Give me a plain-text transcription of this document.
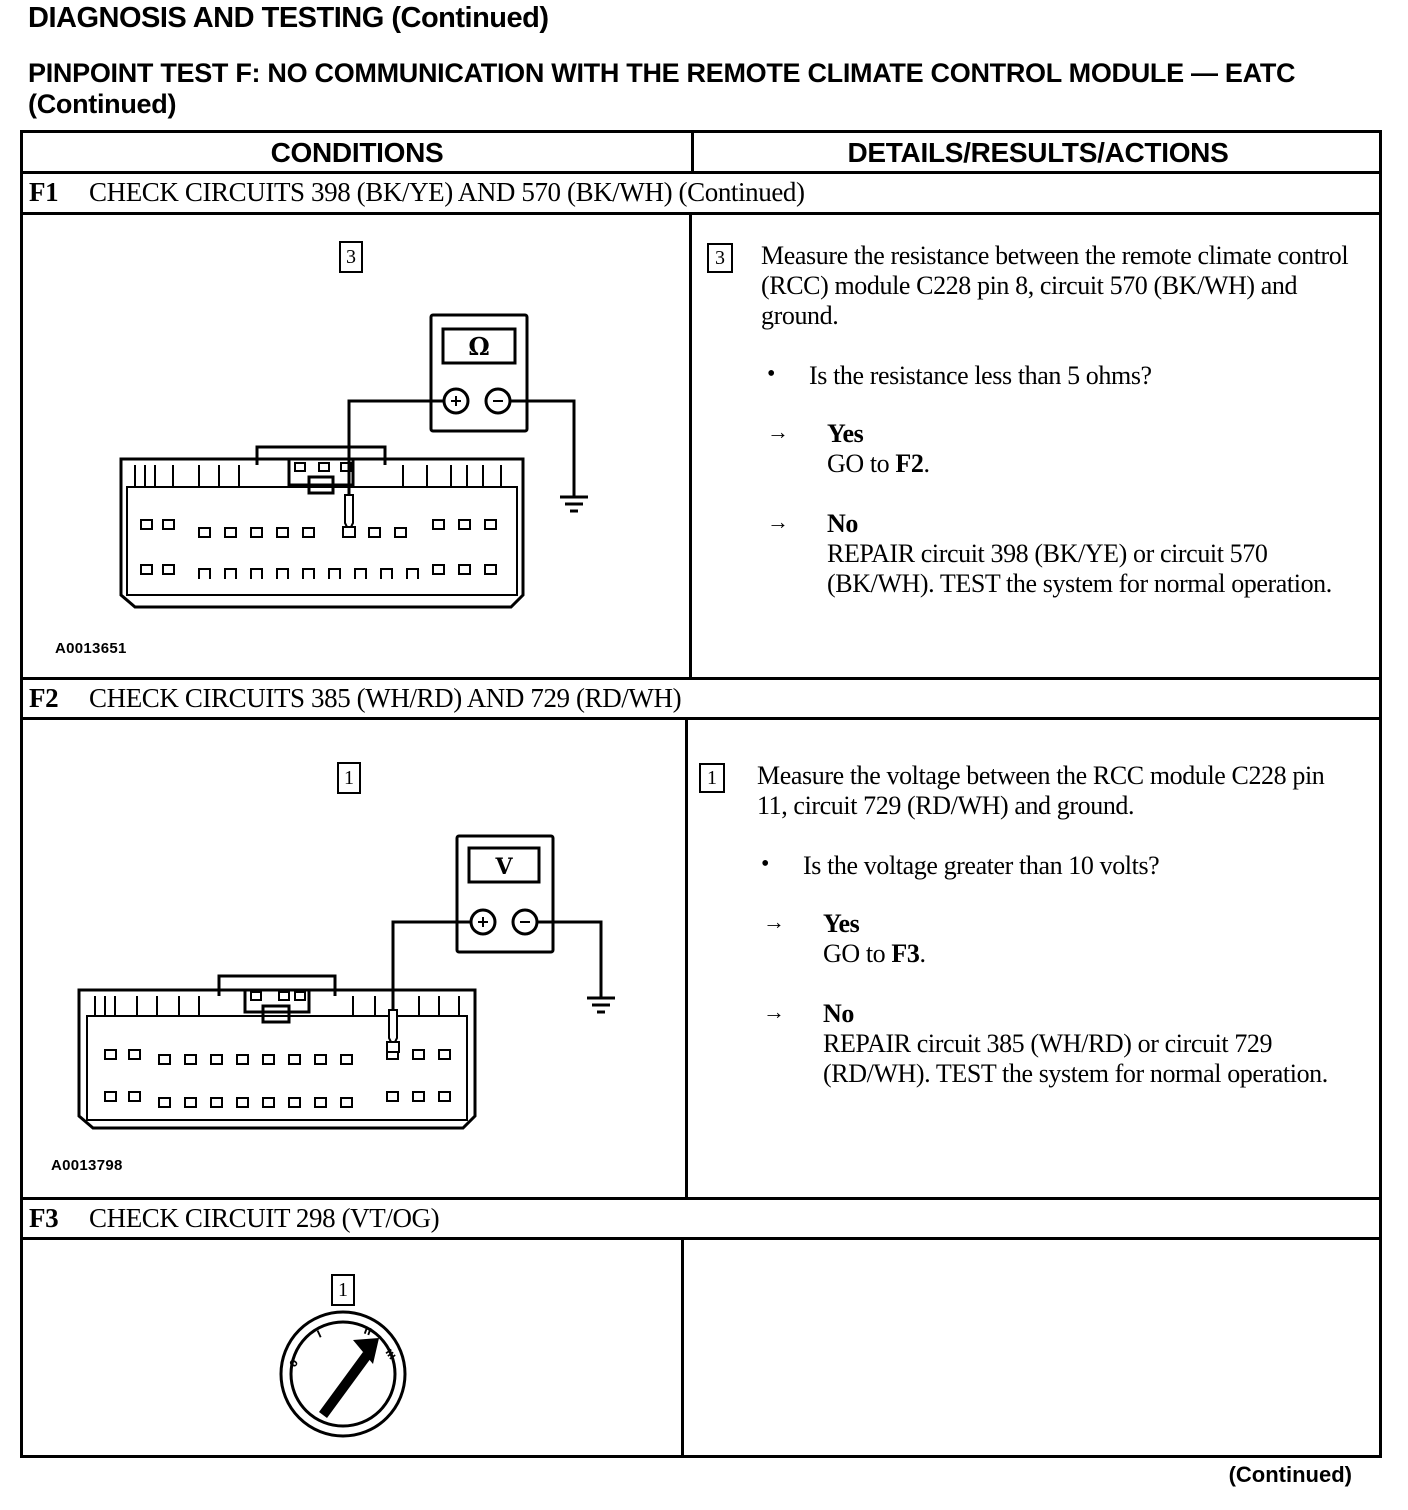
DIAGNOSIS AND TESTING (Continued)
PINPOINT TEST F: NO COMMUNICATION WITH THE REMOTE CLIMATE CONTROL MODULE — EATC (Continued)
CONDITIONS	DETAILS/RESULTS/ACTIONS
F1 CHECK CIRCUITS 398 (BK/YE) AND 570 (BK/WH) (Continued)
3
Ω
A0013651
3	Measure the resistance between the remote climate control (RCC) module C228 pin 8, circuit 570 (BK/WH) and ground.
• Is the resistance less than 5 ohms?
→ Yes
GO to F2.
→ No
REPAIR circuit 398 (BK/YE) or circuit 570 (BK/WH). TEST the system for normal operation.
F2 CHECK CIRCUITS 385 (WH/RD) AND 729 (RD/WH)
1
V
A0013798
1	Measure the voltage between the RCC module C228 pin 11, circuit 729 (RD/WH) and ground.
• Is the voltage greater than 10 volts?
→ Yes
GO to F3.
→ No
REPAIR circuit 385 (WH/RD) or circuit 729 (RD/WH). TEST the system for normal operation.
F3 CHECK CIRCUIT 298 (VT/OG)
1
0
I	II
III
(Continued)
